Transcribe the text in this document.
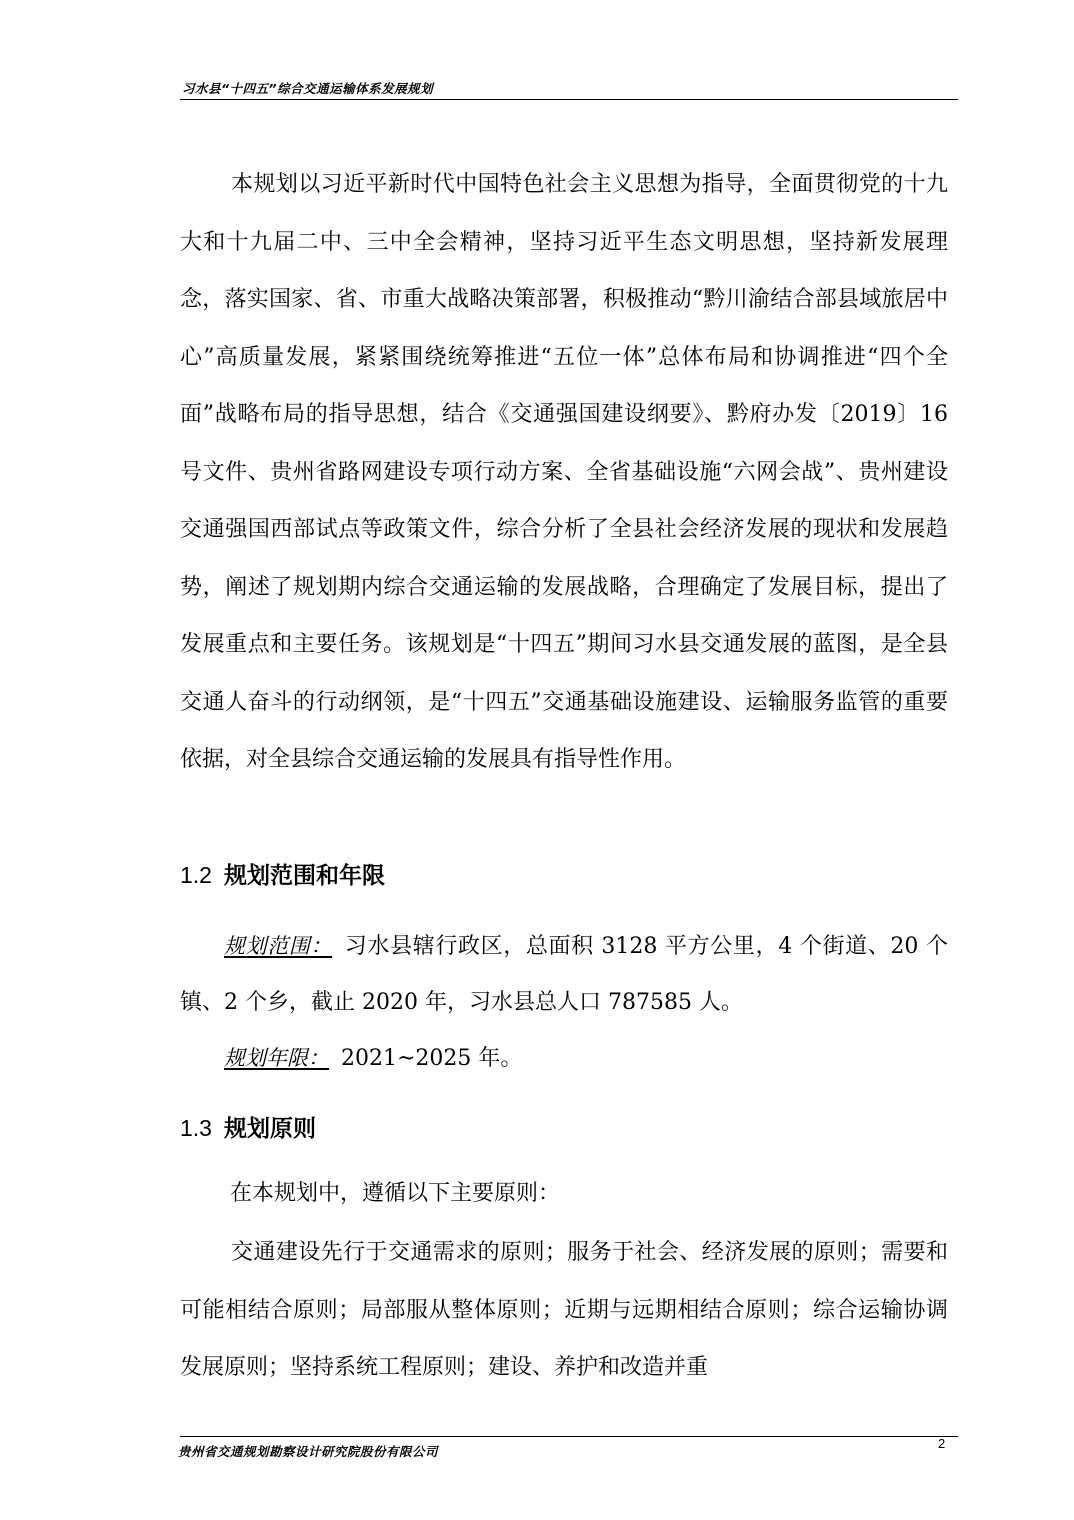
习水县“十四五”综合交通运输体系发展规划

本规划以习近平新时代中国特色社会主义思想为指导，全面贯彻党的十九大和十九届二中、三中全会精神，坚持习近平生态文明思想，坚持新发展理念，落实国家、省、市重大战略决策部署，积极推动“黔川渝结合部县域旅居中心”高质量发展，紧紧围绕统筹推进“五位一体”总体布局和协调推进“四个全面”战略布局的指导思想，结合《交通强国建设纲要》、黔府办发〔2019〕16 号文件、贵州省路网建设专项行动方案、全省基础设施“六网会战”、贵州建设交通强国西部试点等政策文件，综合分析了全县社会经济发展的现状和发展趋势，阐述了规划期内综合交通运输的发展战略，合理确定了发展目标，提出了发展重点和主要任务。该规划是“十四五”期间习水县交通发展的蓝图，是全县交通人奋斗的行动纲领，是“十四五”交通基础设施建设、运输服务监管的重要依据，对全县综合交通运输的发展具有指导性作用。

1.2 规划范围和年限

规划范围： 习水县辖行政区，总面积 3128 平方公里，4 个街道、20 个镇、2 个乡，截止 2020 年，习水县总人口 787585 人。

规划年限： 2021~2025 年。

1.3 规划原则

在本规划中，遵循以下主要原则：

交通建设先行于交通需求的原则；服务于社会、经济发展的原则；需要和可能相结合原则；局部服从整体原则；近期与远期相结合原则；综合运输协调发展原则；坚持系统工程原则；建设、养护和改造并重

贵州省交通规划勘察设计研究院股份有限公司
2
